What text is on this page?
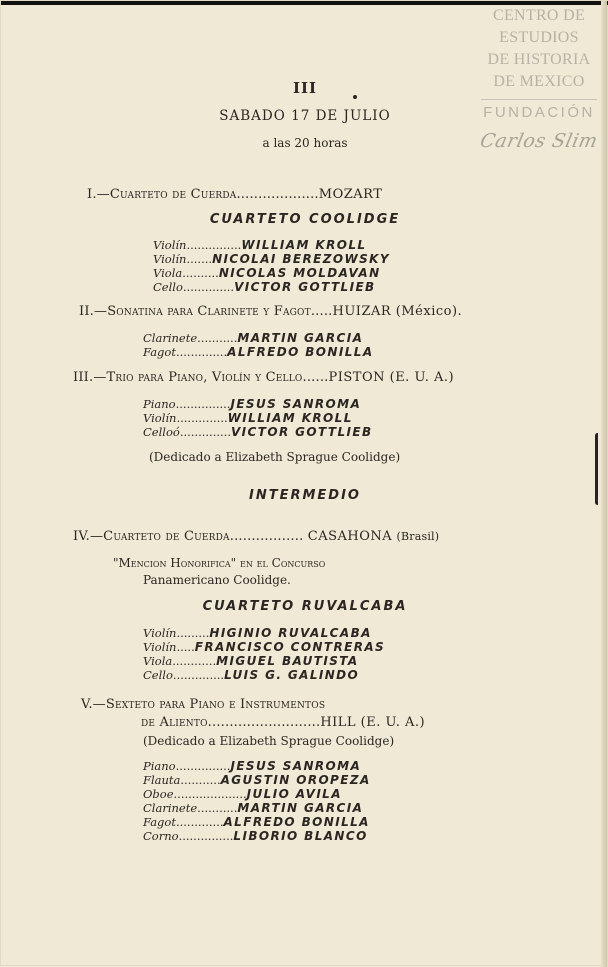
CENTRO DE
ESTUDIOS
DE HISTORIA
DE MEXICO
FUNDACIÓN
Carlos Slim
III
SABADO 17 DE JULIO
a las 20 horas
I.—Cuarteto de Cuerda...................MOZART
CUARTETO COOLIDGE
Violín...............WILLIAM KROLL
Violín.......NICOLAI BEREZOWSKY
Viola..........NICOLAS MOLDAVAN
Cello..............VICTOR GOTTLIEB
II.—Sonatina para Clarinete y Fagot.....HUIZAR (México).
Clarinete...........MARTIN GARCIA
Fagot..............ALFREDO BONILLA
III.—Trio para Piano, Violín y Cello......PISTON (E. U. A.)
Piano...............JESUS SANROMA
Violín..............WILLIAM KROLL
Celloó..............VICTOR GOTTLIEB
(Dedicado a Elizabeth Sprague Coolidge)
INTERMEDIO
IV.—Cuarteto de Cuerda................. CASAHONA (Brasil)
"Mencion Honorifica" en el Concurso
Panamericano Coolidge.
CUARTETO RUVALCABA
Violín.........HIGINIO RUVALCABA
Violín.....FRANCISCO CONTRERAS
Viola............MIGUEL BAUTISTA
Cello..............LUIS G. GALINDO
V.—Sexteto para Piano e Instrumentos
de Aliento..........................HILL (E. U. A.)
(Dedicado a Elizabeth Sprague Coolidge)
Piano...............JESUS SANROMA
Flauta...........AGUSTIN OROPEZA
Oboe....................JULIO AVILA
Clarinete...........MARTIN GARCIA
Fagot.............ALFREDO BONILLA
Corno...............LIBORIO BLANCO
